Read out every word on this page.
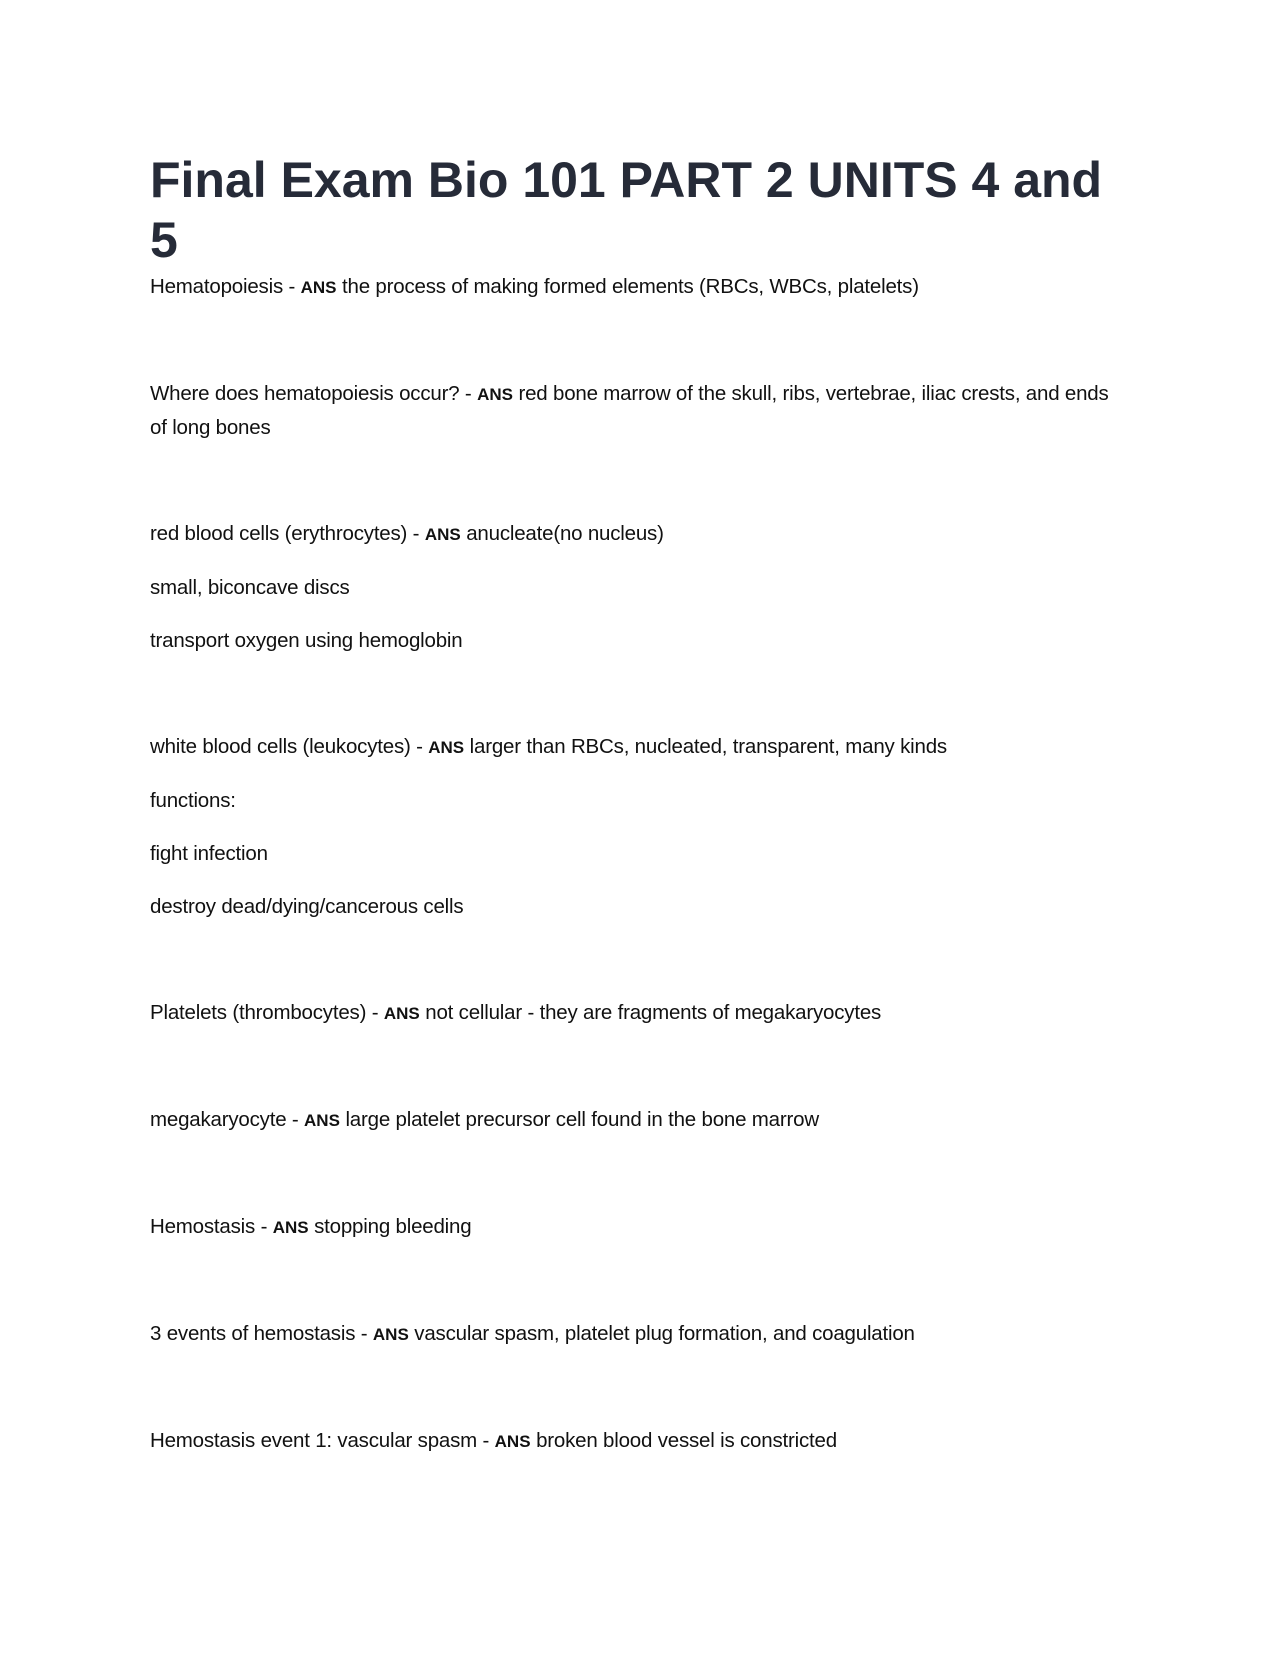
Final Exam Bio 101 PART 2 UNITS 4 and 5
Hematopoiesis - ANS the process of making formed elements (RBCs, WBCs, platelets)
Where does hematopoiesis occur? - ANS red bone marrow of the skull, ribs, vertebrae, iliac crests, and ends of long bones
red blood cells (erythrocytes) - ANS anucleate(no nucleus)
small, biconcave discs
transport oxygen using hemoglobin
white blood cells (leukocytes) - ANS larger than RBCs, nucleated, transparent, many kinds
functions:
fight infection
destroy dead/dying/cancerous cells
Platelets (thrombocytes) - ANS not cellular - they are fragments of megakaryocytes
megakaryocyte - ANS large platelet precursor cell found in the bone marrow
Hemostasis - ANS stopping bleeding
3 events of hemostasis - ANS vascular spasm, platelet plug formation, and coagulation
Hemostasis event 1: vascular spasm - ANS broken blood vessel is constricted
